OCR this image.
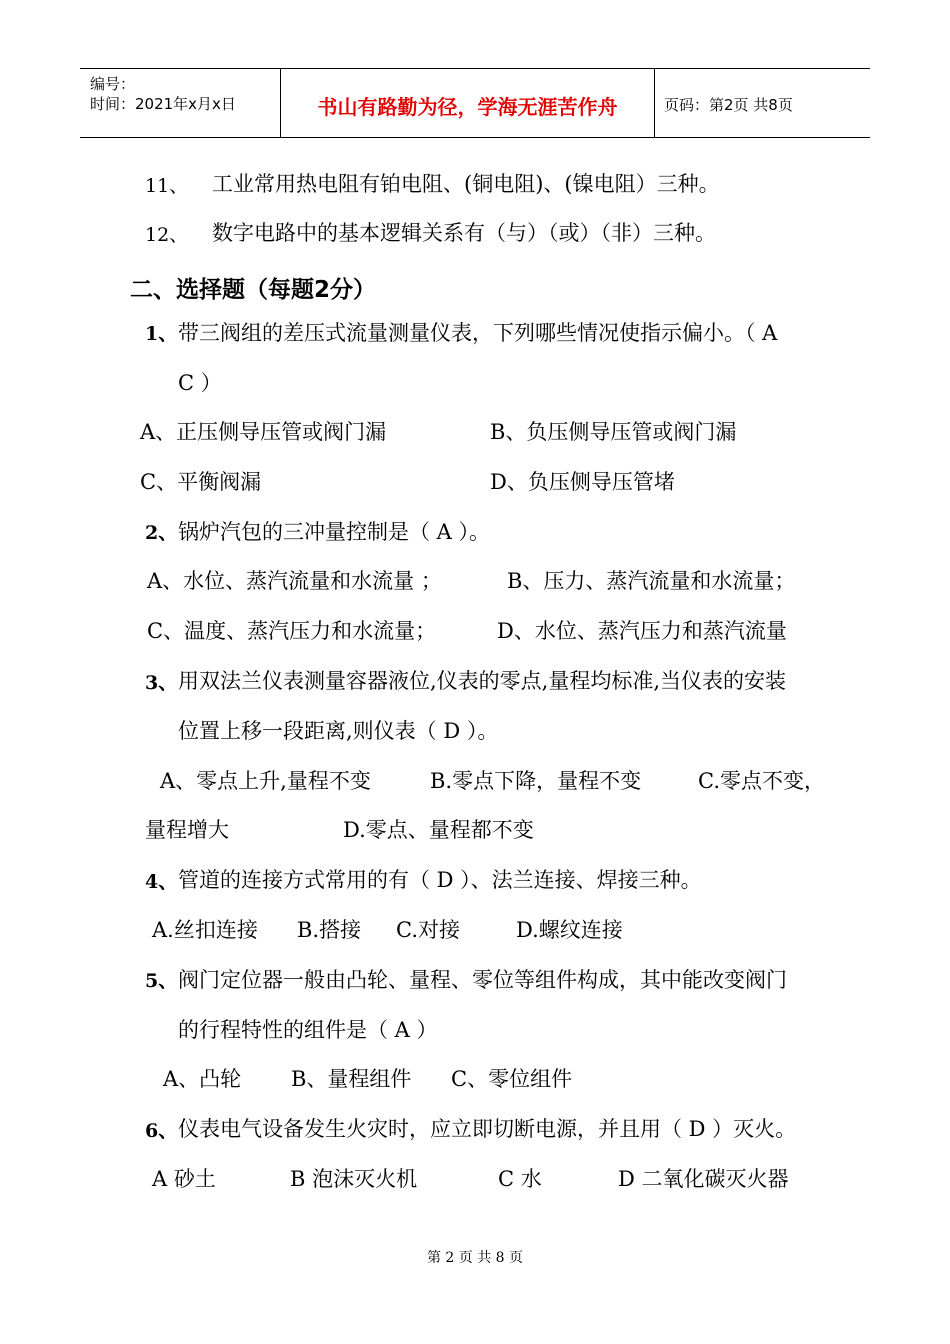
编号：
时间：2021年x月x日	书山有路勤为径，学海无涯苦作舟	页码：第2页 共8页
11、 工业常用热电阻有铂电阻、(铜电阻)、(镍电阻）三种。
12、 数字电路中的基本逻辑关系有（与）（或）（非）三种。
二、选择题（每题2分）
1、 带三阀组的差压式流量测量仪表，下列哪些情况使指示偏小。（ A
C ）
A、正压侧导压管或阀门漏	B、负压侧导压管或阀门漏
C、平衡阀漏	D、负压侧导压管堵
2、 锅炉汽包的三冲量控制是（ A ）。
A、水位、蒸汽流量和水流量 ；	B、压力、蒸汽流量和水流量；
C、温度、蒸汽压力和水流量；	D、水位、蒸汽压力和蒸汽流量
3、 用双法兰仪表测量容器液位,仪表的零点,量程均标准,当仪表的安装
位置上移一段距离,则仪表（ D ）。
A、零点上升,量程不变	B.零点下降，量程不变	C.零点不变，
量程增大	D.零点、量程都不变
4、 管道的连接方式常用的有（ D ）、法兰连接、焊接三种。
A.丝扣连接 B.搭接 C.对接	D.螺纹连接
5、 阀门定位器一般由凸轮、量程、零位等组件构成，其中能改变阀门
的行程特性的组件是（ A ）
A、凸轮 B、量程组件 C、零位组件
6、 仪表电气设备发生火灾时，应立即切断电源，并且用（ D ）灭火。
A 砂土	B 泡沫灭火机	C 水	D 二氧化碳灭火器
第 2 页 共 8 页
